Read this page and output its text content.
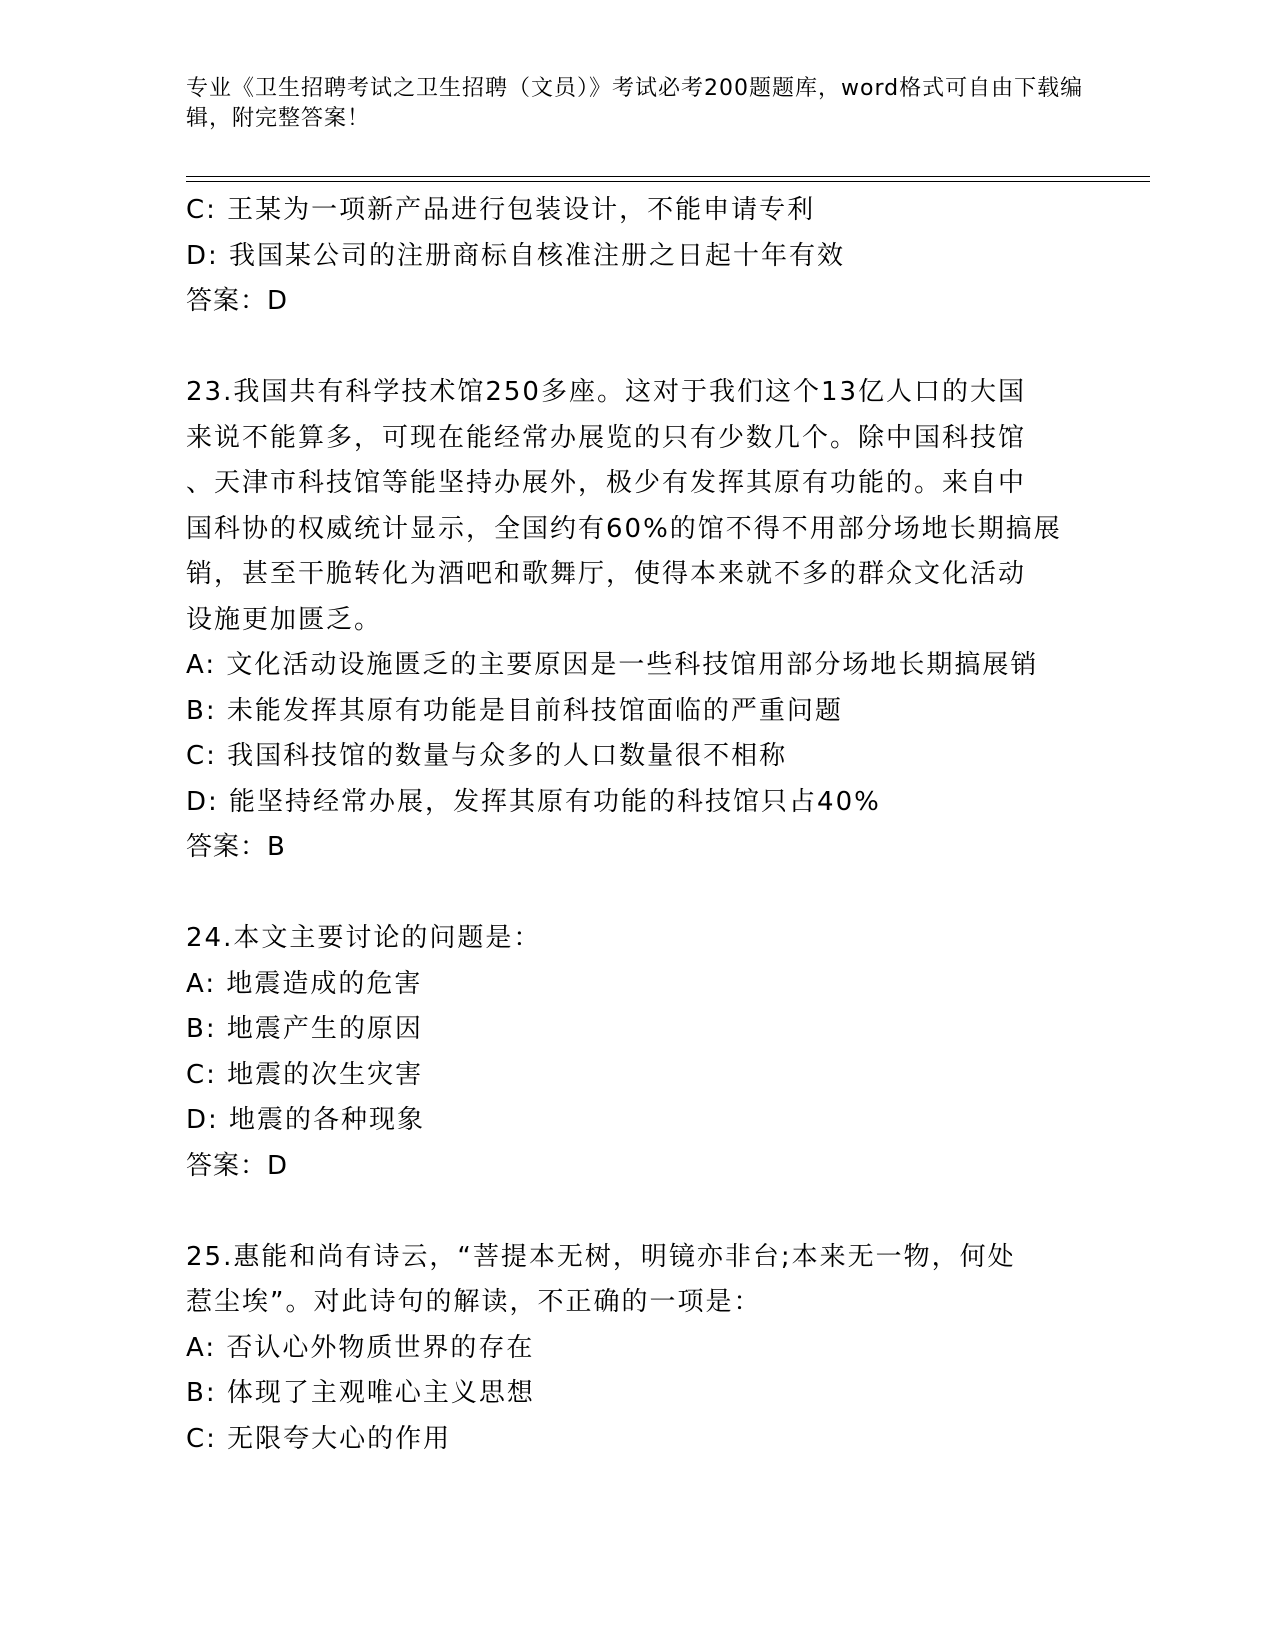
专业《卫生招聘考试之卫生招聘（文员）》考试必考200题题库，word格式可自由下载编辑，附完整答案！
C: 王某为一项新产品进行包装设计，不能申请专利
D: 我国某公司的注册商标自核准注册之日起十年有效
答案：D
23.我国共有科学技术馆250多座。这对于我们这个13亿人口的大国
来说不能算多，可现在能经常办展览的只有少数几个。除中国科技馆
、天津市科技馆等能坚持办展外，极少有发挥其原有功能的。来自中
国科协的权威统计显示，全国约有60%的馆不得不用部分场地长期搞展
销，甚至干脆转化为酒吧和歌舞厅，使得本来就不多的群众文化活动
设施更加匮乏。
A: 文化活动设施匮乏的主要原因是一些科技馆用部分场地长期搞展销
B: 未能发挥其原有功能是目前科技馆面临的严重问题
C: 我国科技馆的数量与众多的人口数量很不相称
D: 能坚持经常办展，发挥其原有功能的科技馆只占40%
答案：B
24.本文主要讨论的问题是：
A: 地震造成的危害
B: 地震产生的原因
C: 地震的次生灾害
D: 地震的各种现象
答案：D
25.惠能和尚有诗云，“菩提本无树，明镜亦非台;本来无一物，何处
惹尘埃”。对此诗句的解读，不正确的一项是：
A: 否认心外物质世界的存在
B: 体现了主观唯心主义思想
C: 无限夸大心的作用
